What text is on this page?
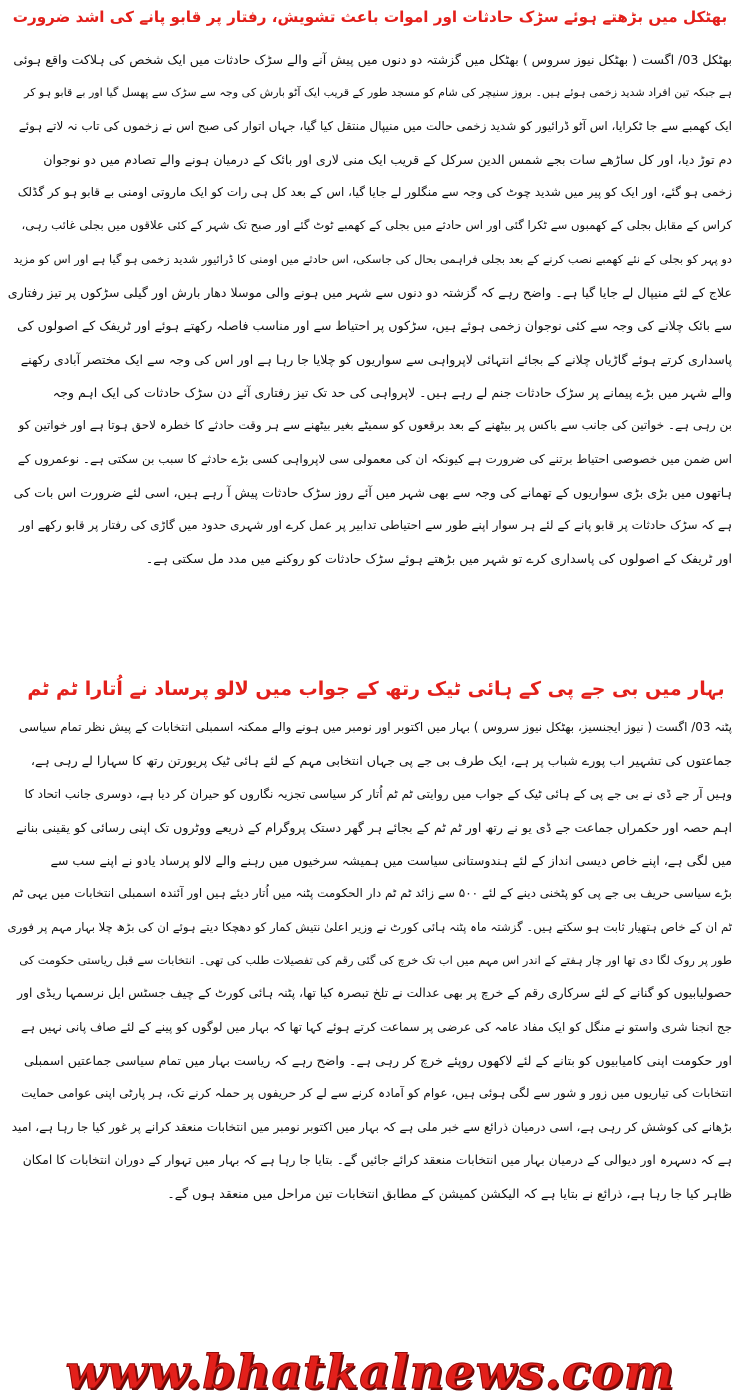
بھٹکل میں بڑھتے ہوئے سڑک حادثات اور اموات باعث تشویش، رفتار پر قابو پانے کی اشد ضرورت
بھٹکل 03/ اگست ( بھٹکل نیوز سروس ) بھٹکل میں گزشتہ دو دنوں میں پیش آنے والے سڑک حادثات میں ایک شخص کی ہلاکت واقع ہوئی
ہے جبکہ تین افراد شدید زخمی ہوئے ہیں۔ بروز سنیچر کی شام کو مسجد طور کے قریب ایک آٹو بارش کی وجہ سے سڑک سے پھسل گیا اور بے قابو ہو کر
ایک کھمبے سے جا ٹکرایا، اس آٹو ڈرائیور کو شدید زخمی حالت میں منیپال منتقل کیا گیا، جہاں اتوار کی صبح اس نے زخموں کی تاب نہ لاتے ہوئے
دم توڑ دیا، اور کل ساڑھے سات بجے شمس الدین سرکل کے قریب ایک منی لاری اور بائک کے درمیان ہونے والے تصادم میں دو نوجوان
زخمی ہو گئے، اور ایک کو پیر میں شدید چوٹ کی وجہ سے منگلور لے جایا گیا، اس کے بعد کل ہی رات کو ایک ماروتی اومنی بے قابو ہو کر گڈلک
کراس کے مقابل بجلی کے کھمبوں سے ٹکرا گئی اور اس حادثے میں بجلی کے کھمبے ٹوٹ گئے اور صبح تک شہر کے کئی علاقوں میں بجلی غائب رہی،
دو پہر کو بجلی کے نئے کھمبے نصب کرنے کے بعد بجلی فراہمی بحال کی جاسکی، اس حادثے میں اومنی کا ڈرائیور شدید زخمی ہو گیا ہے اور اس کو مزید
علاج کے لئے منیپال لے جایا گیا ہے۔ واضح رہے کہ گزشتہ دو دنوں سے شہر میں ہونے والی موسلا دھار بارش اور گیلی سڑکوں پر تیز رفتاری
سے بائک چلانے کی وجہ سے کئی نوجوان زخمی ہوئے ہیں، سڑکوں پر احتیاط سے اور مناسب فاصلہ رکھتے ہوئے اور ٹریفک کے اصولوں کی
پاسداری کرتے ہوئے گاڑیاں چلانے کے بجائے انتہائی لاپرواہی سے سواریوں کو چلایا جا رہا ہے اور اس کی وجہ سے ایک مختصر آبادی رکھنے
والے شہر میں بڑے پیمانے پر سڑک حادثات جنم لے رہے ہیں۔ لاپرواہی کی حد تک تیز رفتاری آئے دن سڑک حادثات کی ایک اہم وجہ
بن رہی ہے۔ خواتین کی جانب سے باکس پر بیٹھنے کے بعد برقعوں کو سمیٹے بغیر بیٹھنے سے ہر وقت حادثے کا خطرہ لاحق ہوتا ہے اور خواتین کو
اس ضمن میں خصوصی احتیاط برتنے کی ضرورت ہے کیونکہ ان کی معمولی سی لاپرواہی کسی بڑے حادثے کا سبب بن سکتی ہے۔ نوعمروں کے
ہاتھوں میں بڑی بڑی سواریوں کے تھمانے کی وجہ سے بھی شہر میں آئے روز سڑک حادثات پیش آ رہے ہیں، اسی لئے ضرورت اس بات کی
ہے کہ سڑک حادثات پر قابو پانے کے لئے ہر سوار اپنے طور سے احتیاطی تدابیر پر عمل کرے اور شہری حدود میں گاڑی کی رفتار پر قابو رکھے اور
اور ٹریفک کے اصولوں کی پاسداری کرے تو شہر میں بڑھتے ہوئے سڑک حادثات کو روکنے میں مدد مل سکتی ہے۔
بہار میں بی جے پی کے ہائی ٹیک رتھ کے جواب میں لالو پرساد نے اُتارا ٹم ٹم
پٹنہ 03/ اگست ( نیوز ایجنسیز، بھٹکل نیوز سروس ) بہار میں اکتوبر اور نومبر میں ہونے والے ممکنہ اسمبلی انتخابات کے پیش نظر تمام سیاسی
جماعتوں کی تشہیر اب پورے شباب پر ہے، ایک طرف بی جے پی جہاں انتخابی مہم کے لئے ہائی ٹیک پریورتن رتھ کا سہارا لے رہی ہے،
وہیں آر جے ڈی نے بی جے پی کے ہائی ٹیک کے جواب میں روایتی ٹم ٹم اُتار کر سیاسی تجزیہ نگاروں کو حیران کر دیا ہے، دوسری جانب اتحاد کا
اہم حصہ اور حکمراں جماعت جے ڈی یو نے رتھ اور ٹم ٹم کے بجائے ہر گھر دستک پروگرام کے ذریعے ووٹروں تک اپنی رسائی کو یقینی بنانے
میں لگی ہے، اپنے خاص دیسی انداز کے لئے ہندوستانی سیاست میں ہمیشہ سرخیوں میں رہنے والے لالو پرساد یادو نے اپنے سب سے
بڑے سیاسی حریف بی جے پی کو پٹخنی دینے کے لئے ۵۰۰ سے زائد ٹم ٹم دار الحکومت پٹنہ میں اُتار دیئے ہیں اور آئندہ اسمبلی انتخابات میں یہی ٹم
ٹم ان کے خاص ہتھیار ثابت ہو سکتے ہیں۔ گزشتہ ماہ پٹنہ ہائی کورٹ نے وزیر اعلیٰ نتیش کمار کو دھچکا دیتے ہوئے ان کی بڑھ چلا بہار مہم پر فوری
طور پر روک لگا دی تھا اور چار ہفتے کے اندر اس مہم میں اب تک خرچ کی گئی رقم کی تفصیلات طلب کی تھی۔ انتخابات سے قبل ریاستی حکومت کی
حصولیابیوں کو گنانے کے لئے سرکاری رقم کے خرچ پر بھی عدالت نے تلخ تبصرہ کیا تھا، پٹنہ ہائی کورٹ کے چیف جسٹس ایل نرسمہا ریڈی اور
جج انجنا شری واستو نے منگل کو ایک مفاد عامہ کی عرضی پر سماعت کرتے ہوئے کہا تھا کہ بہار میں لوگوں کو پینے کے لئے صاف پانی نہیں ہے
اور حکومت اپنی کامیابیوں کو بتانے کے لئے لاکھوں روپئے خرچ کر رہی ہے۔ واضح رہے کہ ریاست بہار میں تمام سیاسی جماعتیں اسمبلی
انتخابات کی تیاریوں میں زور و شور سے لگی ہوئی ہیں، عوام کو آمادہ کرنے سے لے کر حریفوں پر حملہ کرنے تک، ہر پارٹی اپنی عوامی حمایت
بڑھانے کی کوشش کر رہی ہے، اسی درمیان ذرائع سے خبر ملی ہے کہ بہار میں اکتوبر نومبر میں انتخابات منعقد کرانے پر غور کیا جا رہا ہے، امید
ہے کہ دسہرہ اور دیوالی کے درمیان بہار میں انتخابات منعقد کرائے جائیں گے۔ بتایا جا رہا ہے کہ بہار میں تہوار کے دوران انتخابات کا امکان
ظاہر کیا جا رہا ہے، ذرائع نے بتایا ہے کہ الیکشن کمیشن کے مطابق انتخابات تین مراحل میں منعقد ہوں گے۔
www.bhatkalnews.com
